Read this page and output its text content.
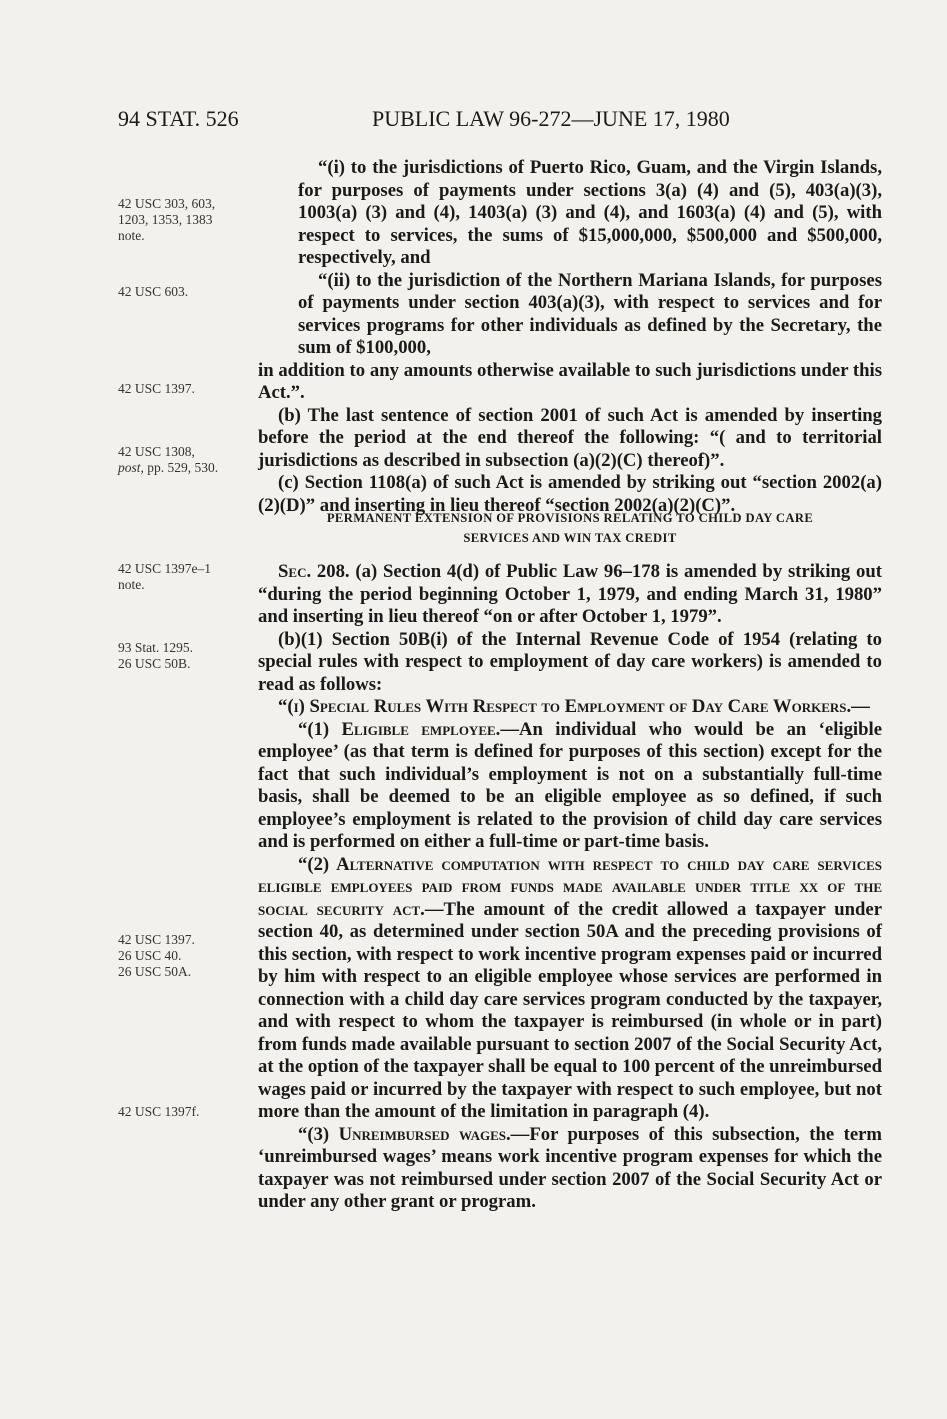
94 STAT. 526	PUBLIC LAW 96-272—JUNE 17, 1980
42 USC 303, 603,
1203, 1353, 1383
note.
42 USC 603.
42 USC 1397.
42 USC 1308,
post, pp. 529, 530.
42 USC 1397e–1
note.
93 Stat. 1295.
26 USC 50B.
42 USC 1397.
26 USC 40.
26 USC 50A.
42 USC 1397f.

“(i) to the jurisdictions of Puerto Rico, Guam, and the Virgin Islands, for purposes of payments under sections 3(a) (4) and (5), 403(a)(3), 1003(a) (3) and (4), 1403(a) (3) and (4), and 1603(a) (4) and (5), with respect to services, the sums of $15,000,000, $500,000 and $500,000, respectively, and

“(ii) to the jurisdiction of the Northern Mariana Islands, for purposes of payments under section 403(a)(3), with respect to services and for services programs for other individuals as defined by the Secretary, the sum of $100,000,

in addition to any amounts otherwise available to such jurisdictions under this Act.”.

(b) The last sentence of section 2001 of such Act is amended by inserting before the period at the end thereof the following: “( and to territorial jurisdictions as described in subsection (a)(2)(C) thereof)”.

(c) Section 1108(a) of such Act is amended by striking out “section 2002(a)(2)(D)” and inserting in lieu thereof “section 2002(a)(2)(C)”.

PERMANENT EXTENSION OF PROVISIONS RELATING TO CHILD DAY CARE
SERVICES AND WIN TAX CREDIT

Sec. 208. (a) Section 4(d) of Public Law 96–178 is amended by striking out “during the period beginning October 1, 1979, and ending March 31, 1980” and inserting in lieu thereof “on or after October 1, 1979”.

(b)(1) Section 50B(i) of the Internal Revenue Code of 1954 (relating to special rules with respect to employment of day care workers) is amended to read as follows:

“(i) Special Rules With Respect to Employment of Day Care Workers.—

“(1) Eligible employee.—An individual who would be an ‘eligible employee’ (as that term is defined for purposes of this section) except for the fact that such individual’s employment is not on a substantially full-time basis, shall be deemed to be an eligible employee as so defined, if such employee’s employment is related to the provision of child day care services and is performed on either a full-time or part-time basis.

“(2) Alternative computation with respect to child day care services eligible employees paid from funds made available under title xx of the social security act.—The amount of the credit allowed a taxpayer under section 40, as determined under section 50A and the preceding provisions of this section, with respect to work incentive program expenses paid or incurred by him with respect to an eligible employee whose services are performed in connection with a child day care services program conducted by the taxpayer, and with respect to whom the taxpayer is reimbursed (in whole or in part) from funds made available pursuant to section 2007 of the Social Security Act, at the option of the taxpayer shall be equal to 100 percent of the unreimbursed wages paid or incurred by the taxpayer with respect to such employee, but not more than the amount of the limitation in paragraph (4).

“(3) Unreimbursed wages.—For purposes of this subsection, the term ‘unreimbursed wages’ means work incentive program expenses for which the taxpayer was not reimbursed under section 2007 of the Social Security Act or under any other grant or program.
